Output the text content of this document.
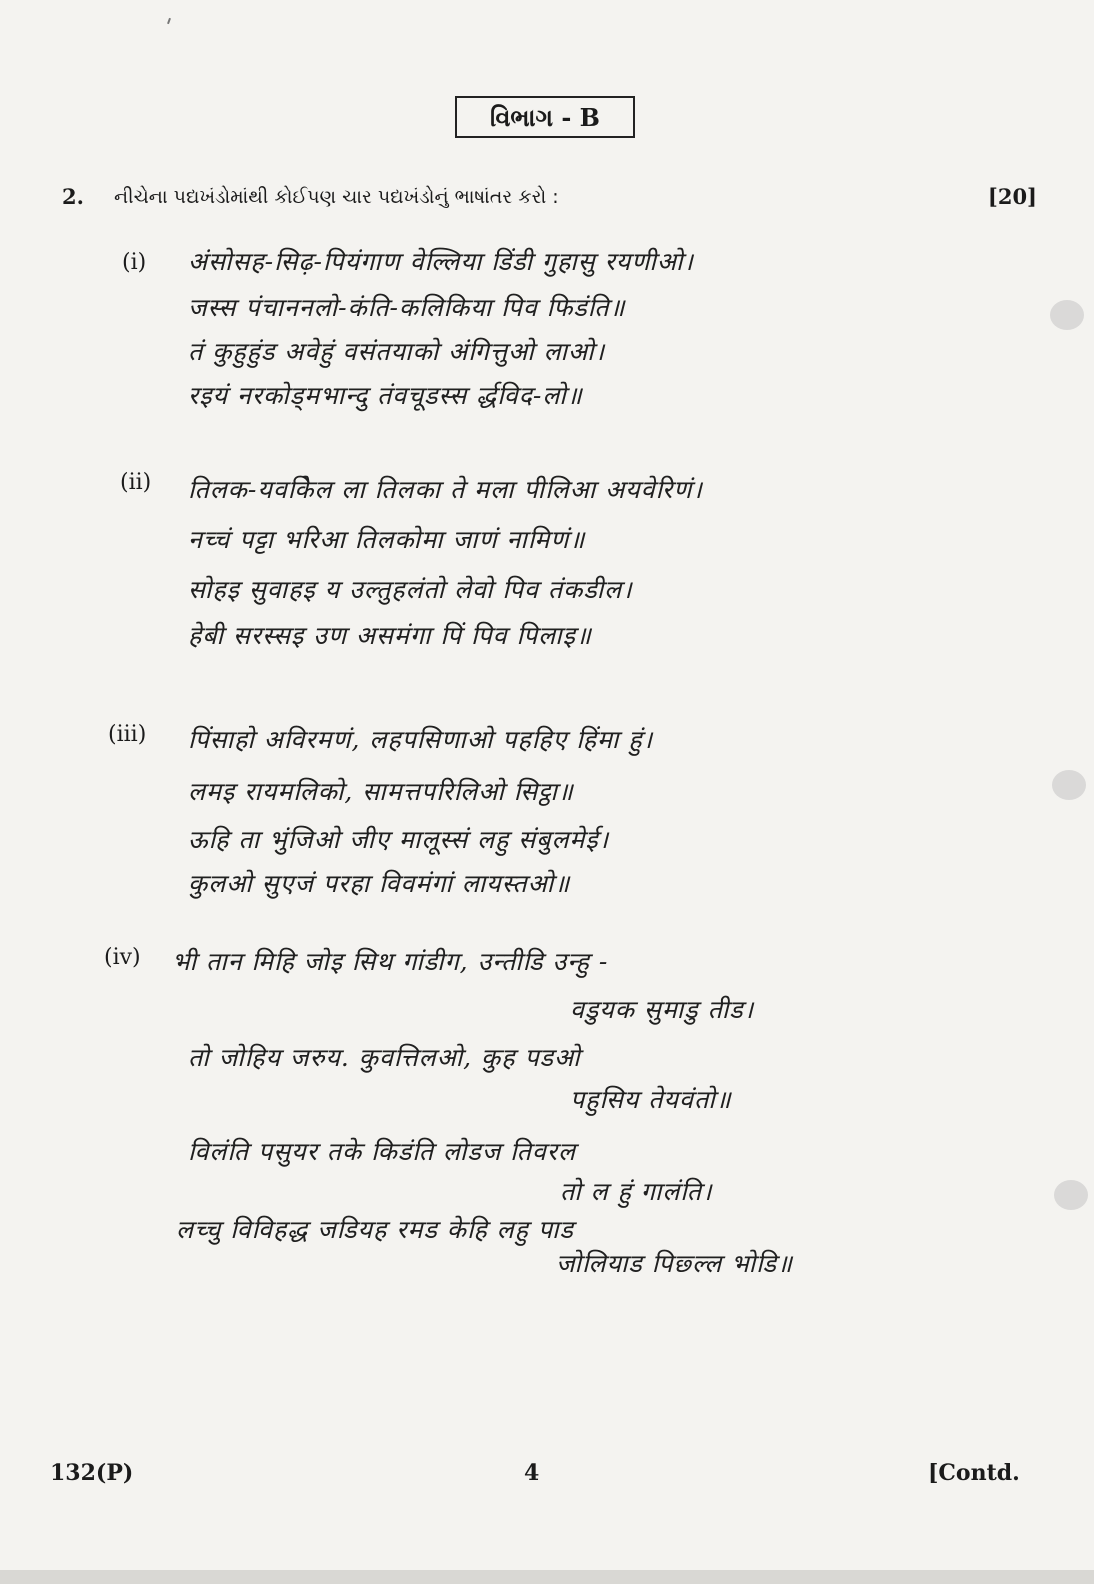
વિભાગ - B
2. નીચેના પદ્યખંડોમાંથી કોઈપણ ચાર પદ્યખંડોનું ભાષાંતર કરો :	[20]
(i) अंसोसह-सिढ़-पियंगाण वेल्लिया डिंडी गुहासु रयणीओ।
जस्स पंचाननलो-कंति-कलिकिया पिव फिडंति॥
तं कुहुहुंड अवेहुं वसंतयाको अंगित्तुओ लाओ।
रइयं नरकोड्मभान्दु तंवचूडस्स र्द्धविद-लो॥
(ii) तिलक-यवकेिल ला तिलका ते मला पीलिआ अयवेरिणं।
नच्चं पट्टा भरिआ तिलकोमा जाणं नामिणं॥
सोहइ सुवाहइ य उल्तुहलंतो लेवो पिव तंकडील।
हेबी सरस्सइ उण असमंगा पिं पिव पिलाइ॥
(iii) पिंसाहो अविरमणं, लहपसिणाओ पहहिए हिंमा हुं।
लमइ रायमलिको, सामत्तपरिलिओ सिट्ठा॥
ऊहि ता भुंजिओ जीए मालूस्सं लहु संबुलमेई।
कुलओ सुएजं परहा विवमंगां लायस्तओ॥
(iv) भी तान मिहि जोइ सिथ गांडीग, उन्तीडि उन्हु -
वडुयक सुमाडु तीड।
तो जोहिय जरुय. कुवत्तिलओ, कुह पडओ
पहुसिय तेयवंतो॥
विलंति पसुयर तके किडंति लोडज तिवरल
तो ल हुं गालंति।
लच्चु विविहद्ध जडियह रमड केहि लहु पाड
जोलियाड पिछ्ल्ल भोडि॥
132(P)	4	[Contd.
